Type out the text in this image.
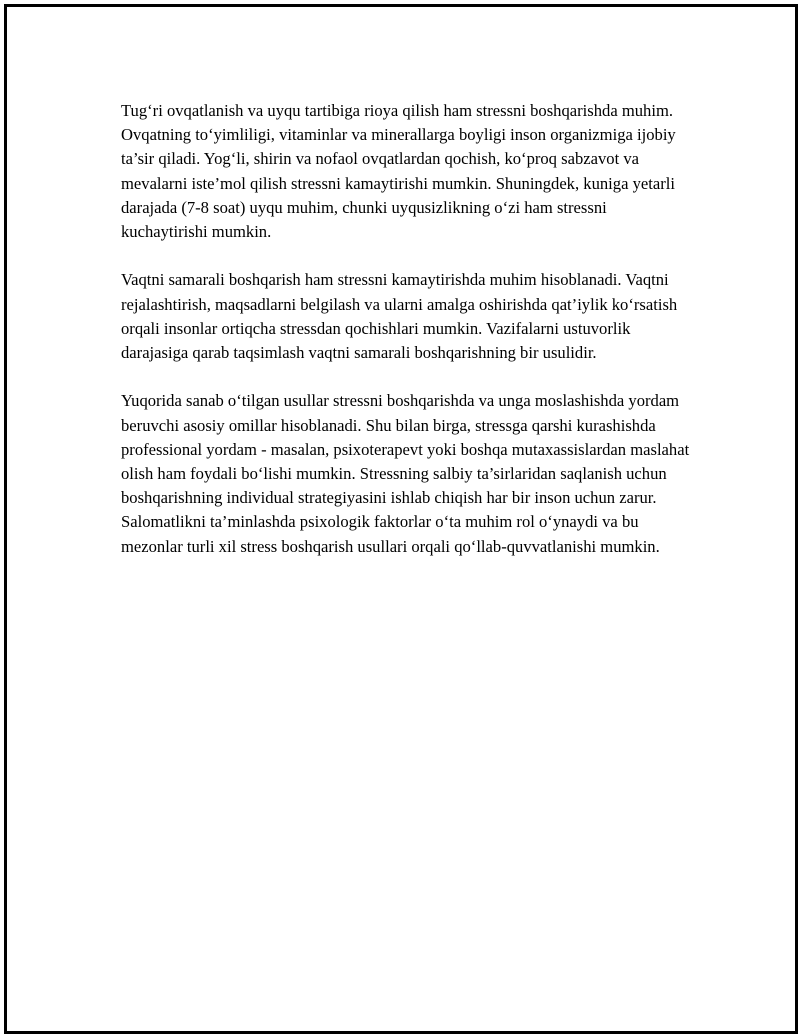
Tug‘ri ovqatlanish va uyqu tartibiga rioya qilish ham stressni boshqarishda muhim. Ovqatning to‘yimliligi, vitaminlar va minerallarga boyligi inson organizmiga ijobiy ta’sir qiladi. Yog‘li, shirin va nofaol ovqatlardan qochish, ko‘proq sabzavot va mevalarni iste’mol qilish stressni kamaytirishi mumkin. Shuningdek, kuniga yetarli darajada (7-8 soat) uyqu muhim, chunki uyqusizlikning o‘zi ham stressni kuchaytirishi mumkin.

Vaqtni samarali boshqarish ham stressni kamaytirishda muhim hisoblanadi. Vaqtni rejalashtirish, maqsadlarni belgilash va ularni amalga oshirishda qat’iylik ko‘rsatish orqali insonlar ortiqcha stressdan qochishlari mumkin. Vazifalarni ustuvorlik darajasiga qarab taqsimlash vaqtni samarali boshqarishning bir usulidir.

Yuqorida sanab o‘tilgan usullar stressni boshqarishda va unga moslashishda yordam beruvchi asosiy omillar hisoblanadi. Shu bilan birga, stressga qarshi kurashishda professional yordam - masalan, psixoterapevt yoki boshqa mutaxassislardan maslahat olish ham foydali bo‘lishi mumkin. Stressning salbiy ta’sirlaridan saqlanish uchun boshqarishning individual strategiyasini ishlab chiqish har bir inson uchun zarur. Salomatlikni ta’minlashda psixologik faktorlar o‘ta muhim rol o‘ynaydi va bu mezonlar turli xil stress boshqarish usullari orqali qo‘llab-quvvatlanishi mumkin.
